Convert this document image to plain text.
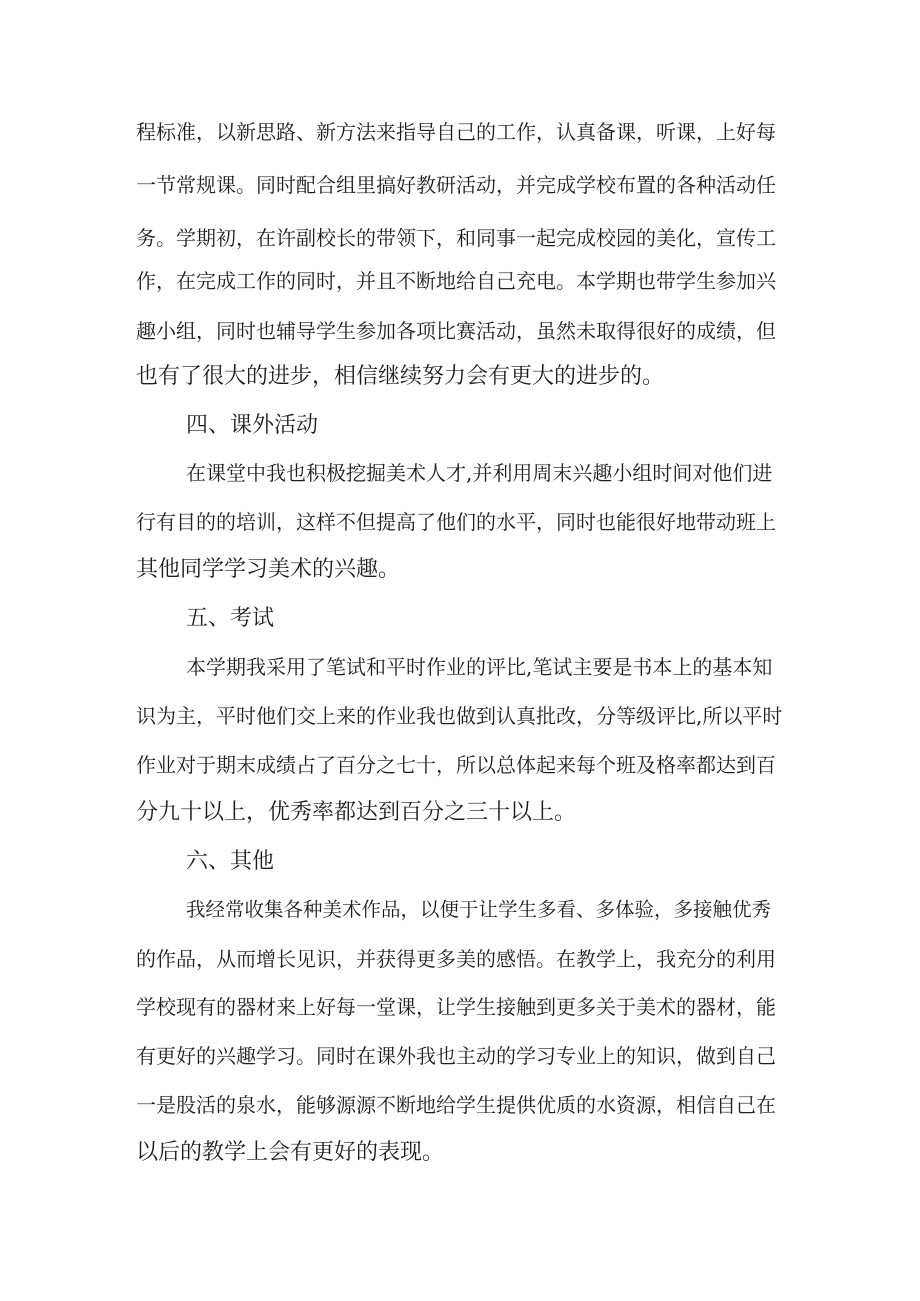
程标准，以新思路、新方法来指导自己的工作，认真备课，听课，上好每
一节常规课。同时配合组里搞好教研活动，并完成学校布置的各种活动任
务。学期初，在许副校长的带领下，和同事一起完成校园的美化，宣传工
作，在完成工作的同时，并且不断地给自己充电。本学期也带学生参加兴
趣小组，同时也辅导学生参加各项比赛活动，虽然未取得很好的成绩，但
也有了很大的进步，相信继续努力会有更大的进步的。
四、课外活动
在课堂中我也积极挖掘美术人才,并利用周末兴趣小组时间对他们进
行有目的的培训，这样不但提高了他们的水平，同时也能很好地带动班上
其他同学学习美术的兴趣。
五、考试
本学期我采用了笔试和平时作业的评比,笔试主要是书本上的基本知
识为主，平时他们交上来的作业我也做到认真批改，分等级评比,所以平时
作业对于期末成绩占了百分之七十，所以总体起来每个班及格率都达到百
分九十以上，优秀率都达到百分之三十以上。
六、其他
我经常收集各种美术作品，以便于让学生多看、多体验，多接触优秀
的作品，从而增长见识，并获得更多美的感悟。在教学上，我充分的利用
学校现有的器材来上好每一堂课，让学生接触到更多关于美术的器材，能
有更好的兴趣学习。同时在课外我也主动的学习专业上的知识，做到自己
一是股活的泉水，能够源源不断地给学生提供优质的水资源，相信自己在
以后的教学上会有更好的表现。
